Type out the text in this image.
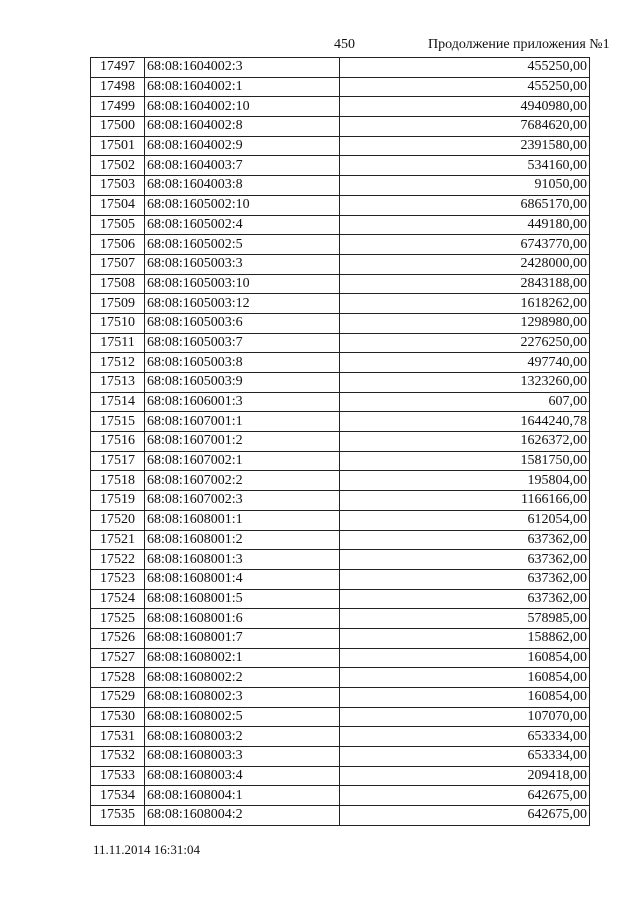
450	Продолжение приложения №1
17497	68:08:1604002:3	455250,00
17498	68:08:1604002:1	455250,00
17499	68:08:1604002:10	4940980,00
17500	68:08:1604002:8	7684620,00
17501	68:08:1604002:9	2391580,00
17502	68:08:1604003:7	534160,00
17503	68:08:1604003:8	91050,00
17504	68:08:1605002:10	6865170,00
17505	68:08:1605002:4	449180,00
17506	68:08:1605002:5	6743770,00
17507	68:08:1605003:3	2428000,00
17508	68:08:1605003:10	2843188,00
17509	68:08:1605003:12	1618262,00
17510	68:08:1605003:6	1298980,00
17511	68:08:1605003:7	2276250,00
17512	68:08:1605003:8	497740,00
17513	68:08:1605003:9	1323260,00
17514	68:08:1606001:3	607,00
17515	68:08:1607001:1	1644240,78
17516	68:08:1607001:2	1626372,00
17517	68:08:1607002:1	1581750,00
17518	68:08:1607002:2	195804,00
17519	68:08:1607002:3	1166166,00
17520	68:08:1608001:1	612054,00
17521	68:08:1608001:2	637362,00
17522	68:08:1608001:3	637362,00
17523	68:08:1608001:4	637362,00
17524	68:08:1608001:5	637362,00
17525	68:08:1608001:6	578985,00
17526	68:08:1608001:7	158862,00
17527	68:08:1608002:1	160854,00
17528	68:08:1608002:2	160854,00
17529	68:08:1608002:3	160854,00
17530	68:08:1608002:5	107070,00
17531	68:08:1608003:2	653334,00
17532	68:08:1608003:3	653334,00
17533	68:08:1608003:4	209418,00
17534	68:08:1608004:1	642675,00
17535	68:08:1608004:2	642675,00
11.11.2014 16:31:04
